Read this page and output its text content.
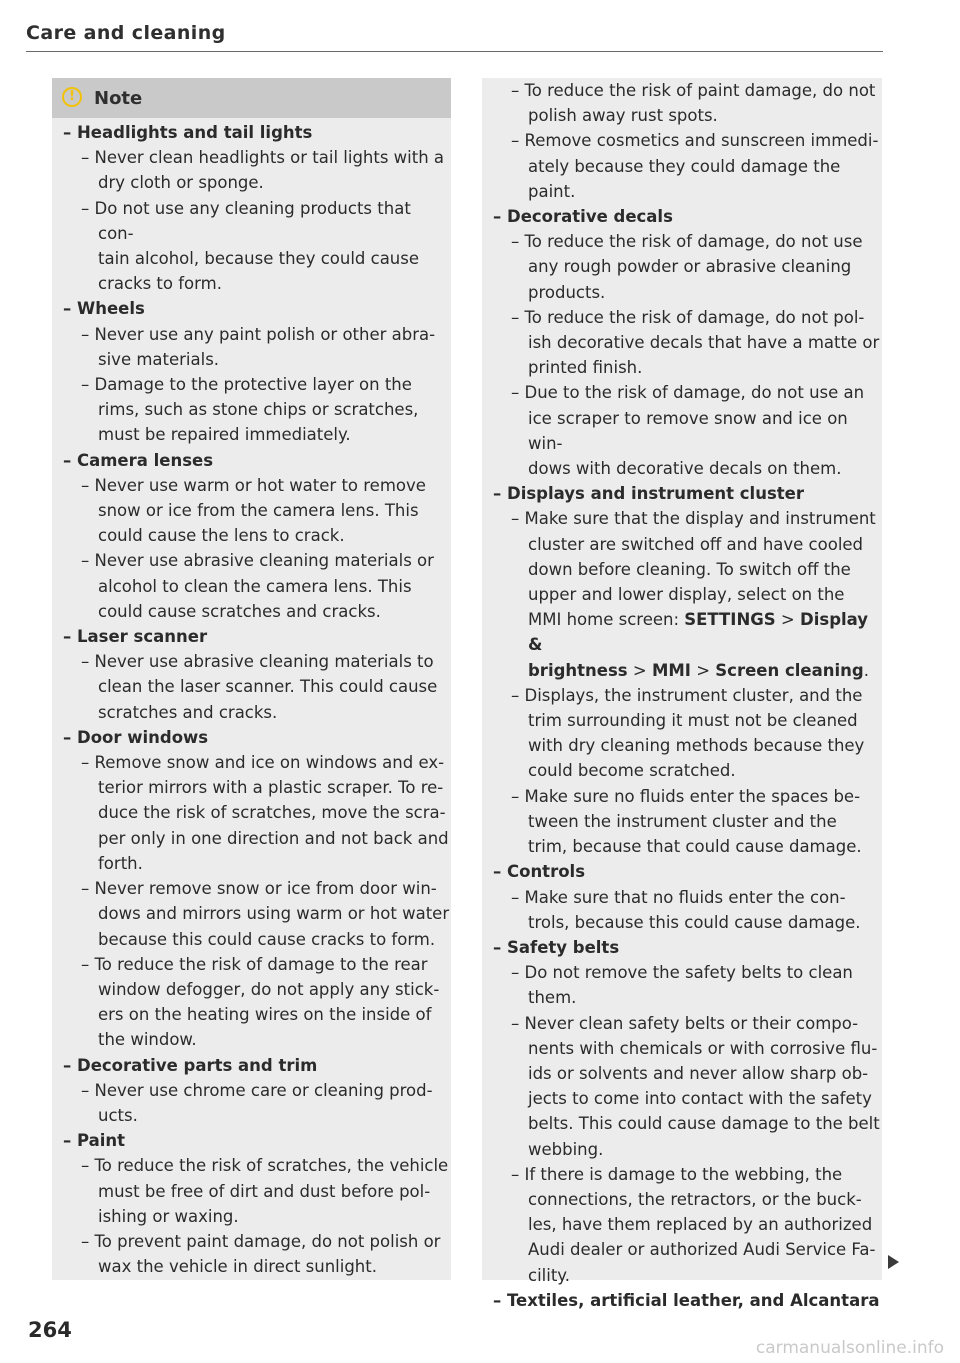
Care and cleaning
!	Note
– Headlights and tail lights
– Never clean headlights or tail lights with a
dry cloth or sponge.
– Do not use any cleaning products that con-
tain alcohol, because they could cause
cracks to form.
– Wheels
– Never use any paint polish or other abra-
sive materials.
– Damage to the protective layer on the
rims, such as stone chips or scratches,
must be repaired immediately.
– Camera lenses
– Never use warm or hot water to remove
snow or ice from the camera lens. This
could cause the lens to crack.
– Never use abrasive cleaning materials or
alcohol to clean the camera lens. This
could cause scratches and cracks.
– Laser scanner
– Never use abrasive cleaning materials to
clean the laser scanner. This could cause
scratches and cracks.
– Door windows
– Remove snow and ice on windows and ex-
terior mirrors with a plastic scraper. To re-
duce the risk of scratches, move the scra-
per only in one direction and not back and
forth.
– Never remove snow or ice from door win-
dows and mirrors using warm or hot water
because this could cause cracks to form.
– To reduce the risk of damage to the rear
window defogger, do not apply any stick-
ers on the heating wires on the inside of
the window.
– Decorative parts and trim
– Never use chrome care or cleaning prod-
ucts.
– Paint
– To reduce the risk of scratches, the vehicle
must be free of dirt and dust before pol-
ishing or waxing.
– To prevent paint damage, do not polish or
wax the vehicle in direct sunlight.
– To reduce the risk of paint damage, do not
polish away rust spots.
– Remove cosmetics and sunscreen immedi-
ately because they could damage the
paint.
– Decorative decals
– To reduce the risk of damage, do not use
any rough powder or abrasive cleaning
products.
– To reduce the risk of damage, do not pol-
ish decorative decals that have a matte or
printed finish.
– Due to the risk of damage, do not use an
ice scraper to remove snow and ice on win-
dows with decorative decals on them.
– Displays and instrument cluster
– Make sure that the display and instrument
cluster are switched off and have cooled
down before cleaning. To switch off the
upper and lower display, select on the
MMI home screen: SETTINGS > Display &
brightness > MMI > Screen cleaning.
– Displays, the instrument cluster, and the
trim surrounding it must not be cleaned
with dry cleaning methods because they
could become scratched.
– Make sure no fluids enter the spaces be-
tween the instrument cluster and the
trim, because that could cause damage.
– Controls
– Make sure that no fluids enter the con-
trols, because this could cause damage.
– Safety belts
– Do not remove the safety belts to clean
them.
– Never clean safety belts or their compo-
nents with chemicals or with corrosive flu-
ids or solvents and never allow sharp ob-
jects to come into contact with the safety
belts. This could cause damage to the belt
webbing.
– If there is damage to the webbing, the
connections, the retractors, or the buck-
les, have them replaced by an authorized
Audi dealer or authorized Audi Service Fa-
cility.
– Textiles, artificial leather, and Alcantara
264
carmanualsonline.info
